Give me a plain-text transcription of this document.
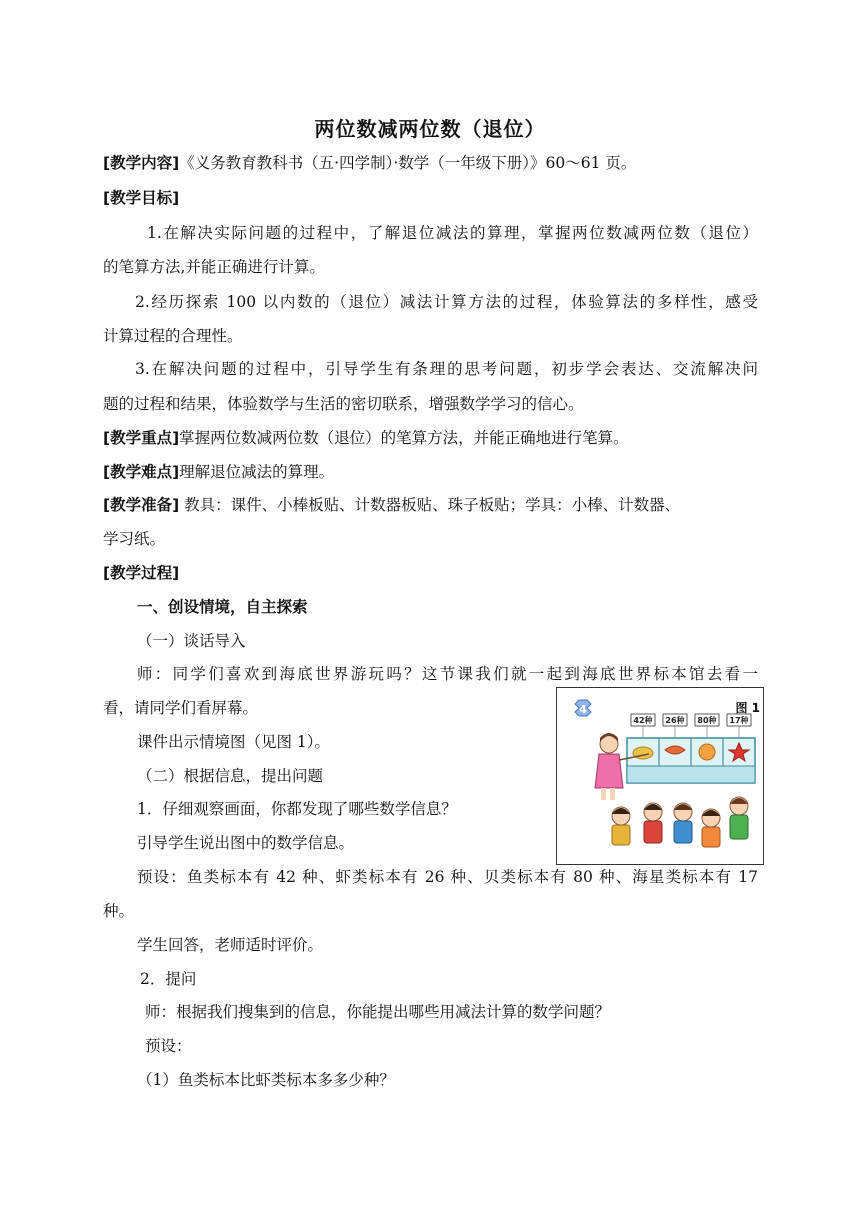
两位数减两位数（退位）
[教学内容]《义务教育教科书（五·四学制）·数学（一年级下册）》60～61 页。
[教学目标]
1.在解决实际问题的过程中，了解退位减法的算理，掌握两位数减两位数（退位）
的笔算方法,并能正确进行计算。
2.经历探索 100 以内数的（退位）减法计算方法的过程，体验算法的多样性，感受
计算过程的合理性。
3.在解决问题的过程中，引导学生有条理的思考问题，初步学会表达、交流解决问
题的过程和结果，体验数学与生活的密切联系，增强数学学习的信心。
[教学重点]掌握两位数减两位数（退位）的笔算方法，并能正确地进行笔算。
[教学难点]理解退位减法的算理。
[教学准备] 教具：课件、小棒板贴、计数器板贴、珠子板贴；学具：小棒、计数器、
学习纸。
[教学过程]
一、创设情境，自主探索
（一）谈话导入
师：同学们喜欢到海底世界游玩吗？这节课我们就一起到海底世界标本馆去看一
看，请同学们看屏幕。
课件出示情境图（见图 1）。
（二）根据信息，提出问题
1．仔细观察画面，你都发现了哪些数学信息？
引导学生说出图中的数学信息。
预设：鱼类标本有 42 种、虾类标本有 26 种、贝类标本有 80 种、海星类标本有 17
种。
学生回答，老师适时评价。
2．提问
师：根据我们搜集到的信息，你能提出哪些用减法计算的数学问题？
预设：
（1）鱼类标本比虾类标本多多少种？
图 1
4
42种 26种 80种 17种
